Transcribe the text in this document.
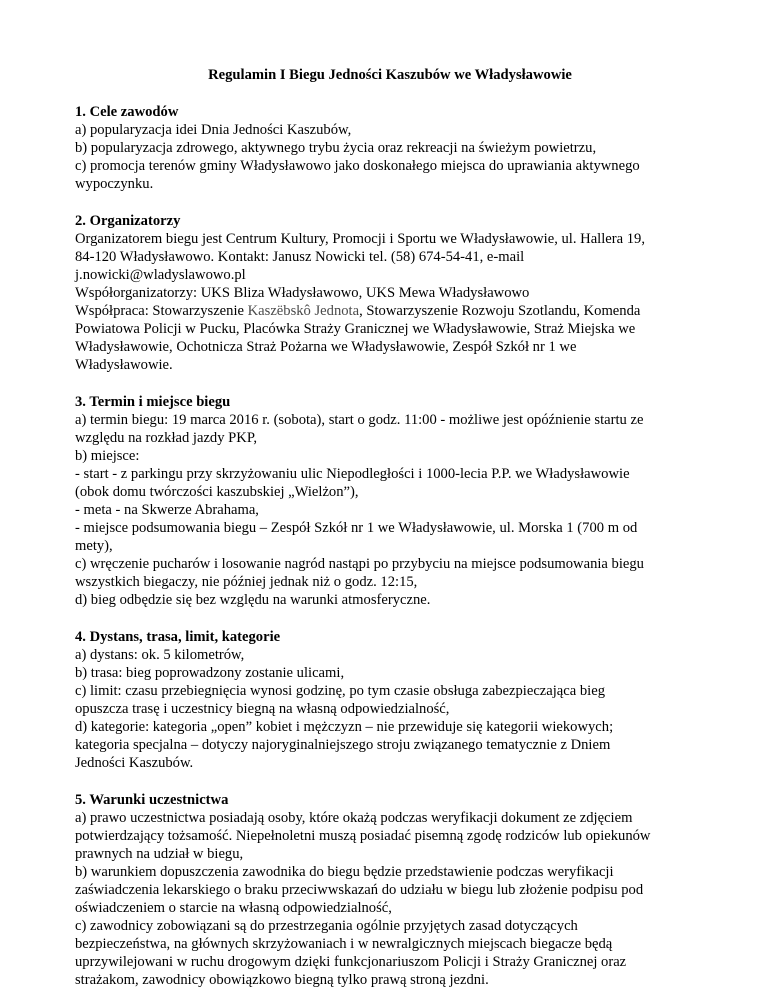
Regulamin I Biegu Jedności Kaszubów we Władysławowie
1. Cele zawodów
a) popularyzacja idei Dnia Jedności Kaszubów,
b) popularyzacja zdrowego, aktywnego trybu życia oraz rekreacji na świeżym powietrzu,
c) promocja terenów gminy Władysławowo jako doskonałego miejsca do uprawiania aktywnego
wypoczynku.
2. Organizatorzy
Organizatorem biegu jest Centrum Kultury, Promocji i Sportu we Władysławowie, ul. Hallera 19,
84-120 Władysławowo. Kontakt: Janusz Nowicki tel. (58) 674-54-41, e-mail
j.nowicki@wladyslawowo.pl
Współorganizatorzy: UKS Bliza Władysławowo, UKS Mewa Władysławowo
Współpraca: Stowarzyszenie Kaszëbskô Jednota, Stowarzyszenie Rozwoju Szotlandu, Komenda
Powiatowa Policji w Pucku, Placówka Straży Granicznej we Władysławowie, Straż Miejska we
Władysławowie, Ochotnicza Straż Pożarna we Władysławowie, Zespół Szkół nr 1 we
Władysławowie.
3. Termin i miejsce biegu
a) termin biegu: 19 marca 2016 r. (sobota), start o godz. 11:00 - możliwe jest opóźnienie startu ze
względu na rozkład jazdy PKP,
b) miejsce:
- start - z parkingu przy skrzyżowaniu ulic Niepodległości i 1000-lecia P.P. we Władysławowie
(obok domu twórczości kaszubskiej „Wielżon”),
- meta - na Skwerze Abrahama,
- miejsce podsumowania biegu – Zespół Szkół nr 1 we Władysławowie, ul. Morska 1 (700 m od
mety),
c) wręczenie pucharów i losowanie nagród nastąpi po przybyciu na miejsce podsumowania biegu
wszystkich biegaczy, nie później jednak niż o godz. 12:15,
d) bieg odbędzie się bez względu na warunki atmosferyczne.
4. Dystans, trasa, limit, kategorie
a) dystans: ok. 5 kilometrów,
b) trasa: bieg poprowadzony zostanie ulicami,
c) limit: czasu przebiegnięcia wynosi godzinę, po tym czasie obsługa zabezpieczająca bieg
opuszcza trasę i uczestnicy biegną na własną odpowiedzialność,
d) kategorie: kategoria „open” kobiet i mężczyzn – nie przewiduje się kategorii wiekowych;
kategoria specjalna – dotyczy najoryginalniejszego stroju związanego tematycznie z Dniem
Jedności Kaszubów.
5. Warunki uczestnictwa
a) prawo uczestnictwa posiadają osoby, które okażą podczas weryfikacji dokument ze zdjęciem
potwierdzający tożsamość. Niepełnoletni muszą posiadać pisemną zgodę rodziców lub opiekunów
prawnych na udział w biegu,
b) warunkiem dopuszczenia zawodnika do biegu będzie przedstawienie podczas weryfikacji
zaświadczenia lekarskiego o braku przeciwwskazań do udziału w biegu lub złożenie podpisu pod
oświadczeniem o starcie na własną odpowiedzialność,
c) zawodnicy zobowiązani są do przestrzegania ogólnie przyjętych zasad dotyczących
bezpieczeństwa, na głównych skrzyżowaniach i w newralgicznych miejscach biegacze będą
uprzywilejowani w ruchu drogowym dzięki funkcjonariuszom Policji i Straży Granicznej oraz
strażakom, zawodnicy obowiązkowo biegną tylko prawą stroną jezdni.
